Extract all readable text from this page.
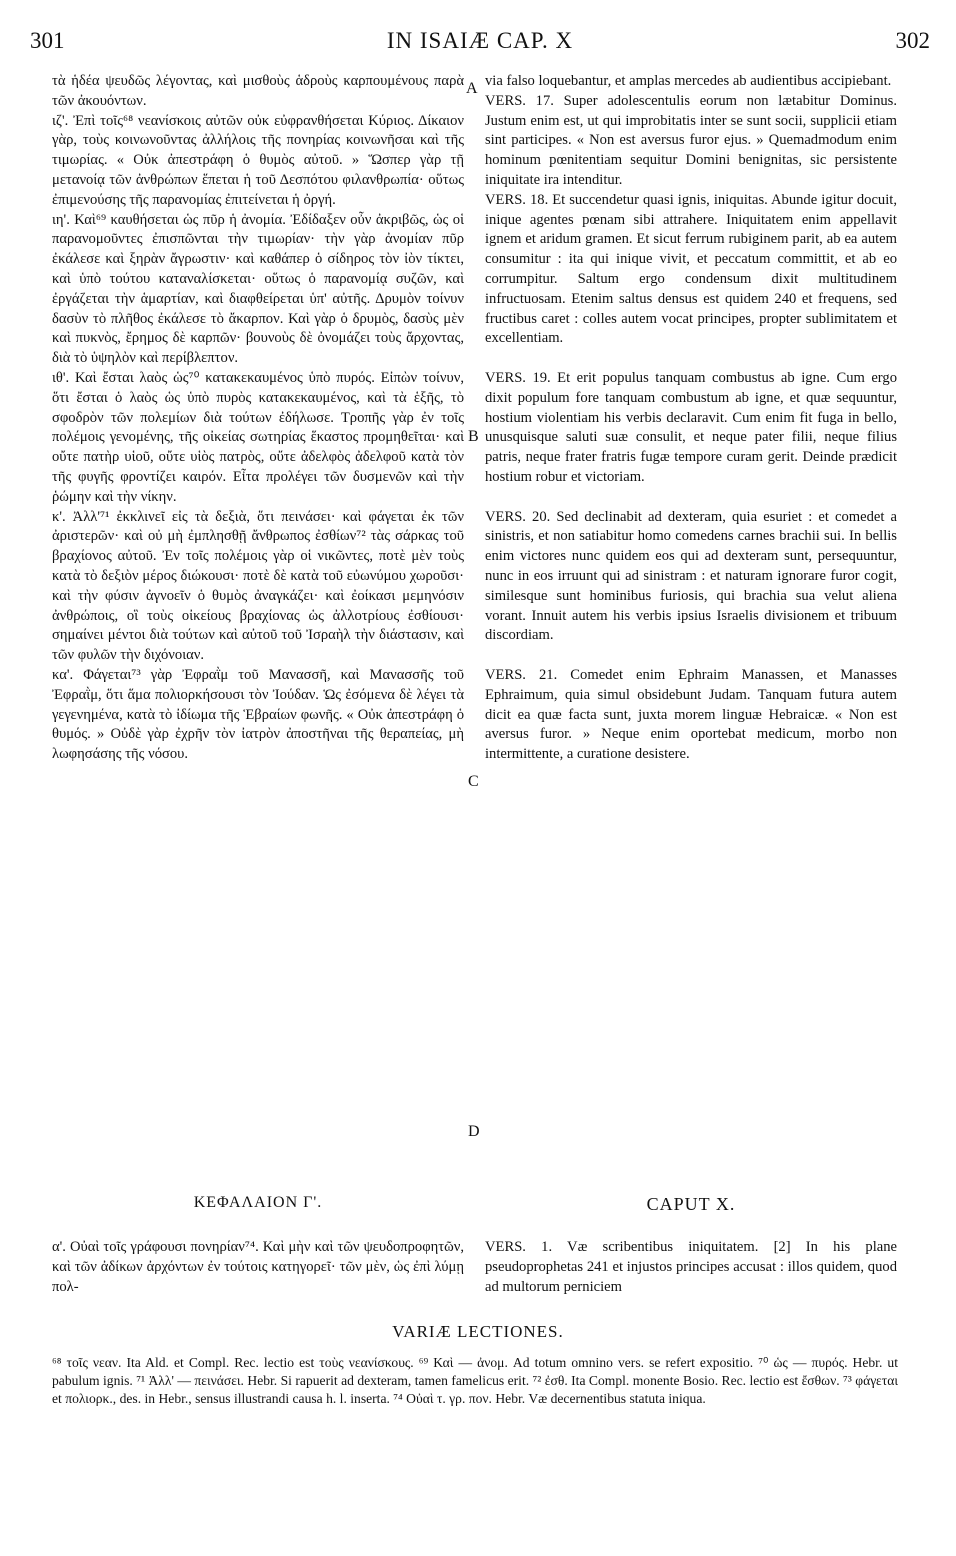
301	IN ISAIÆ CAP. X	302

τὰ ἡδέα ψευδῶς λέγοντας, καὶ μισθοὺς ἁδροὺς καρπουμένους παρὰ τῶν ἀκουόντων.

ιζ'. Ἐπὶ τοῖς⁶⁸ νεανίσκοις αὐτῶν οὐκ εὐφρανθήσεται Κύριος. Δίκαιον γὰρ, τοὺς κοινωνοῦντας ἀλλήλοις τῆς πονηρίας κοινωνῆσαι καὶ τῆς τιμωρίας. « Οὐκ ἀπεστράφη ὁ θυμὸς αὐτοῦ. » Ὥσπερ γὰρ τῇ μετανοίᾳ τῶν ἀνθρώπων ἕπεται ἡ τοῦ Δεσπότου φιλανθρωπία· οὕτως ἐπιμενούσης τῆς παρανομίας ἐπιτείνεται ἡ ὀργή.

ιη'. Καὶ⁶⁹ καυθήσεται ὡς πῦρ ἡ ἀνομία. Ἐδίδαξεν οὖν ἀκριβῶς, ὡς οἱ παρανομοῦντες ἐπισπῶνται τὴν τιμωρίαν· τὴν γὰρ ἀνομίαν πῦρ ἐκάλεσε καὶ ξηρὰν ἄγρωστιν· καὶ καθάπερ ὁ σίδηρος τὸν ἰὸν τίκτει, καὶ ὑπὸ τούτου καταναλίσκεται· οὕτως ὁ παρανομίᾳ συζῶν, καὶ ἐργάζεται τὴν ἁμαρτίαν, καὶ διαφθείρεται ὑπ' αὐτῆς. Δρυμὸν τοίνυν δασὺν τὸ πλῆθος ἐκάλεσε τὸ ἄκαρπον. Καὶ γὰρ ὁ δρυμὸς, δασὺς μὲν καὶ πυκνὸς, ἔρημος δὲ καρπῶν· βουνοὺς δὲ ὀνομάζει τοὺς ἄρχοντας, διὰ τὸ ὑψηλὸν καὶ περίβλεπτον.

ιθ'. Καὶ ἔσται λαὸς ὡς⁷⁰ κατακεκαυμένος ὑπὸ πυρός. Εἰπὼν τοίνυν, ὅτι ἔσται ὁ λαὸς ὡς ὑπὸ πυρὸς κατακεκαυμένος, καὶ τὰ ἑξῆς, τὸ σφοδρὸν τῶν πολεμίων διὰ τούτων ἐδήλωσε. Τροπῆς γὰρ ἐν τοῖς πολέμοις γενομένης, τῆς οἰκείας σωτηρίας ἕκαστος προμηθεῖται· καὶ οὔτε πατὴρ υἱοῦ, οὔτε υἱὸς πατρὸς, οὔτε ἀδελφὸς ἀδελφοῦ κατὰ τὸν τῆς φυγῆς φροντίζει καιρόν. Εἶτα προλέγει τῶν δυσμενῶν καὶ τὴν ῥώμην καὶ τὴν νίκην.

κ'. Ἀλλ'⁷¹ ἐκκλινεῖ εἰς τὰ δεξιὰ, ὅτι πεινάσει· καὶ φάγεται ἐκ τῶν ἀριστερῶν· καὶ οὐ μὴ ἐμπλησθῇ ἄνθρωπος ἐσθίων⁷² τὰς σάρκας τοῦ βραχίονος αὐτοῦ. Ἐν τοῖς πολέμοις γὰρ οἱ νικῶντες, ποτὲ μὲν τοὺς κατὰ τὸ δεξιὸν μέρος διώκουσι· ποτὲ δὲ κατὰ τοῦ εὐωνύμου χωροῦσι· καὶ τὴν φύσιν ἀγνοεῖν ὁ θυμὸς ἀναγκάζει· καὶ ἐοίκασι μεμηνόσιν ἀνθρώποις, οἳ τοὺς οἰκείους βραχίονας ὡς ἀλλοτρίους ἐσθίουσι· σημαίνει μέντοι διὰ τούτων καὶ αὐτοῦ τοῦ Ἰσραὴλ τὴν διάστασιν, καὶ τῶν φυλῶν τὴν διχόνοιαν.

κα'. Φάγεται⁷³ γὰρ Ἐφραῒμ τοῦ Μανασσῆ, καὶ Μανασσῆς τοῦ Ἐφραῒμ, ὅτι ἅμα πολιορκήσουσι τὸν Ἰούδαν. Ὡς ἐσόμενα δὲ λέγει τὰ γεγενημένα, κατὰ τὸ ἰδίωμα τῆς Ἑβραίων φωνῆς. « Οὐκ ἀπεστράφη ὁ θυμός. » Οὐδὲ γὰρ ἐχρῆν τὸν ἰατρὸν ἀποστῆναι τῆς θεραπείας, μὴ λωφησάσης τῆς νόσου.

via falso loquebantur, et amplas mercedes ab audientibus accipiebant.

VERS. 17. Super adolescentulis eorum non lætabitur Dominus. Justum enim est, ut qui improbitatis inter se sunt socii, supplicii etiam sint participes. « Non est aversus furor ejus. » Quemadmodum enim hominum pœnitentiam sequitur Domini benignitas, sic persistente iniquitate ira intenditur.

VERS. 18. Et succendetur quasi ignis, iniquitas. Abunde igitur docuit, inique agentes pœnam sibi attrahere. Iniquitatem enim appellavit ignem et aridum gramen. Et sicut ferrum rubiginem parit, ab ea autem consumitur : ita qui inique vivit, et peccatum committit, et ab eo corrumpitur. Saltum ergo condensum dixit multitudinem infructuosam. Etenim saltus densus est quidem 240 et frequens, sed fructibus caret : colles autem vocat principes, propter sublimitatem et excellentiam.

VERS. 19. Et erit populus tanquam combustus ab igne. Cum ergo dixit populum fore tanquam combustum ab igne, et quæ sequuntur, hostium violentiam his verbis declaravit. Cum enim fit fuga in bello, unusquisque saluti suæ consulit, et neque pater filii, neque filius patris, neque frater fratris fugæ tempore curam gerit. Deinde prædicit hostium robur et victoriam.

VERS. 20. Sed declinabit ad dexteram, quia esuriet : et comedet a sinistris, et non satiabitur homo comedens carnes brachii sui. In bellis enim victores nunc quidem eos qui ad dexteram sunt, persequuntur, nunc in eos irruunt qui ad sinistram : et naturam ignorare furor cogit, similesque sunt hominibus furiosis, qui brachia sua velut aliena vorant. Innuit autem his verbis ipsius Israelis divisionem et tribuum discordiam.

VERS. 21. Comedet enim Ephraim Manassen, et Manasses Ephraimum, quia simul obsidebunt Judam. Tanquam futura autem dicit ea quæ facta sunt, juxta morem linguæ Hebraicæ. « Non est aversus furor. » Neque enim oportebat medicum, morbo non intermittente, a curatione desistere.

A
B
C
D
ΚΕΦΑΛΑΙΟΝ Γ'.	CAPUT X.

α'. Οὐαὶ τοῖς γράφουσι πονηρίαν⁷⁴. Καὶ μὴν καὶ τῶν ψευδοπροφητῶν, καὶ τῶν ἀδίκων ἀρχόντων ἐν τούτοις κατηγορεῖ· τῶν μὲν, ὡς ἐπὶ λύμῃ πολ-

VERS. 1. Væ scribentibus iniquitatem. [2] In his plane pseudoprophetas 241 et injustos principes accusat : illos quidem, quod ad multorum perniciem

VARIÆ LECTIONES.

⁶⁸ τοῖς νεαν. Ita Ald. et Compl. Rec. lectio est τοὺς νεανίσκους. ⁶⁹ Καὶ — ἀνομ. Ad totum omnino vers. se refert expositio. ⁷⁰ ὡς — πυρός. Hebr. ut pabulum ignis. ⁷¹ Ἀλλ' — πεινάσει. Hebr. Si rapuerit ad dexteram, tamen famelicus erit. ⁷² ἐσθ. Ita Compl. monente Bosio. Rec. lectio est ἔσθων. ⁷³ φάγεται et πολιορκ., des. in Hebr., sensus illustrandi causa h. l. inserta. ⁷⁴ Οὐαὶ τ. γρ. πον. Hebr. Væ decernentibus statuta iniqua.
